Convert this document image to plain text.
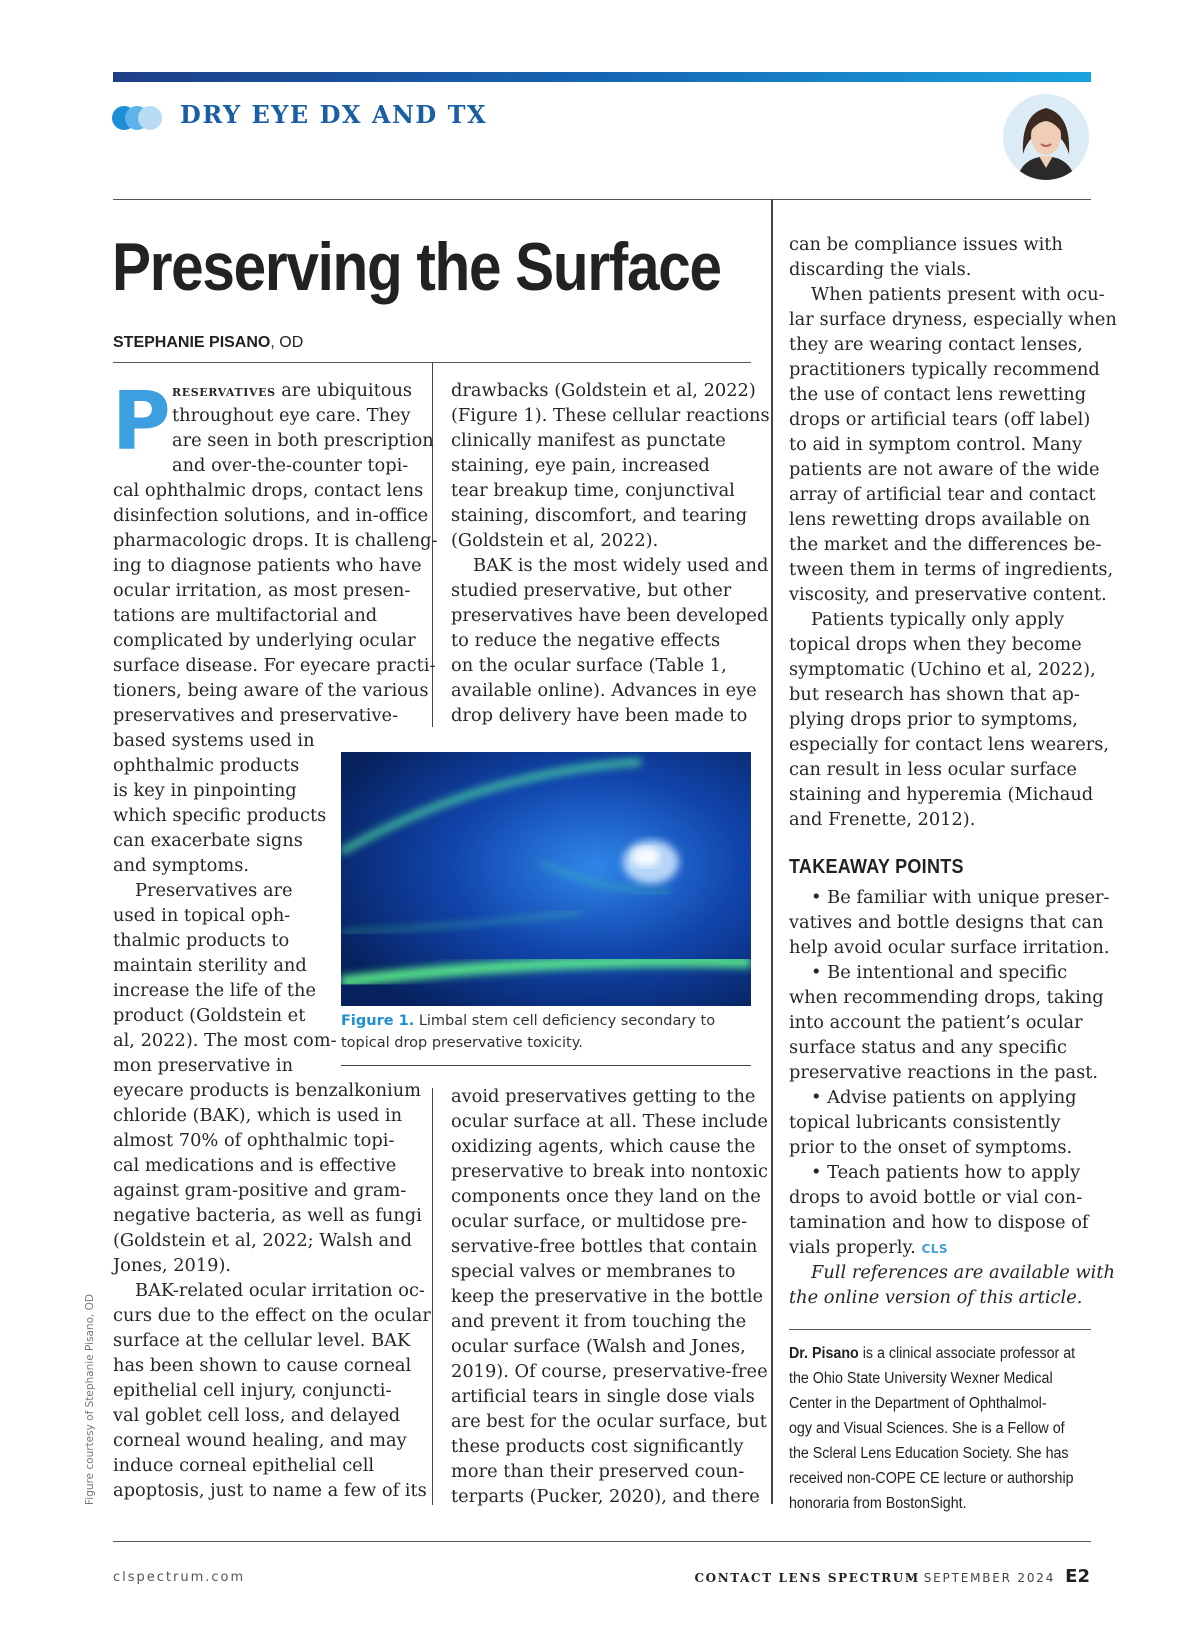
DRY EYE DX AND TX
Preserving the Surface
STEPHANIE PISANO, OD
P reservatives are ubiquitous
throughout eye care. They
are seen in both prescription
and over-the-counter topi-
cal ophthalmic drops, contact lens
disinfection solutions, and in-office
pharmacologic drops. It is challeng-
ing to diagnose patients who have
ocular irritation, as most presen-
tations are multifactorial and
complicated by underlying ocular
surface disease. For eyecare practi-
tioners, being aware of the various
preservatives and preservative-
based systems used in
ophthalmic products
is key in pinpointing
which specific products
can exacerbate signs
and symptoms.
Preservatives are
used in topical oph-
thalmic products to
maintain sterility and
increase the life of the
product (Goldstein et
al, 2022). The most com-
mon preservative in
eyecare products is benzalkonium
chloride (BAK), which is used in
almost 70% of ophthalmic topi-
cal medications and is effective
against gram-positive and gram-
negative bacteria, as well as fungi
(Goldstein et al, 2022; Walsh and
Jones, 2019).
BAK-related ocular irritation oc-
curs due to the effect on the ocular
surface at the cellular level. BAK
has been shown to cause corneal
epithelial cell injury, conjuncti-
val goblet cell loss, and delayed
corneal wound healing, and may
induce corneal epithelial cell
apoptosis, just to name a few of its
drawbacks (Goldstein et al, 2022)
(Figure 1). These cellular reactions
clinically manifest as punctate
staining, eye pain, increased
tear breakup time, conjunctival
staining, discomfort, and tearing
(Goldstein et al, 2022).
BAK is the most widely used and
studied preservative, but other
preservatives have been developed
to reduce the negative effects
on the ocular surface (Table 1,
available online). Advances in eye
drop delivery have been made to
Figure 1. Limbal stem cell deficiency secondary to
topical drop preservative toxicity.
avoid preservatives getting to the
ocular surface at all. These include
oxidizing agents, which cause the
preservative to break into nontoxic
components once they land on the
ocular surface, or multidose pre-
servative-free bottles that contain
special valves or membranes to
keep the preservative in the bottle
and prevent it from touching the
ocular surface (Walsh and Jones,
2019). Of course, preservative-free
artificial tears in single dose vials
are best for the ocular surface, but
these products cost significantly
more than their preserved coun-
terparts (Pucker, 2020), and there
can be compliance issues with
discarding the vials.
When patients present with ocu-
lar surface dryness, especially when
they are wearing contact lenses,
practitioners typically recommend
the use of contact lens rewetting
drops or artificial tears (off label)
to aid in symptom control. Many
patients are not aware of the wide
array of artificial tear and contact
lens rewetting drops available on
the market and the differences be-
tween them in terms of ingredients,
viscosity, and preservative content.
Patients typically only apply
topical drops when they become
symptomatic (Uchino et al, 2022),
but research has shown that ap-
plying drops prior to symptoms,
especially for contact lens wearers,
can result in less ocular surface
staining and hyperemia (Michaud
and Frenette, 2012).
TAKEAWAY POINTS
• Be familiar with unique preser-
vatives and bottle designs that can
help avoid ocular surface irritation.
• Be intentional and specific
when recommending drops, taking
into account the patient’s ocular
surface status and any specific
preservative reactions in the past.
• Advise patients on applying
topical lubricants consistently
prior to the onset of symptoms.
• Teach patients how to apply
drops to avoid bottle or vial con-
tamination and how to dispose of
vials properly. CLS
Full references are available with
the online version of this article.
Dr. Pisano is a clinical associate professor at
the Ohio State University Wexner Medical
Center in the Department of Ophthalmol-
ogy and Visual Sciences. She is a Fellow of
the Scleral Lens Education Society. She has
received non-COPE CE lecture or authorship
honoraria from BostonSight.
Figure courtesy of Stephanie Pisano, OD
clspectrum.com	CONTACT LENS SPECTRUM SEPTEMBER 2024 E2
